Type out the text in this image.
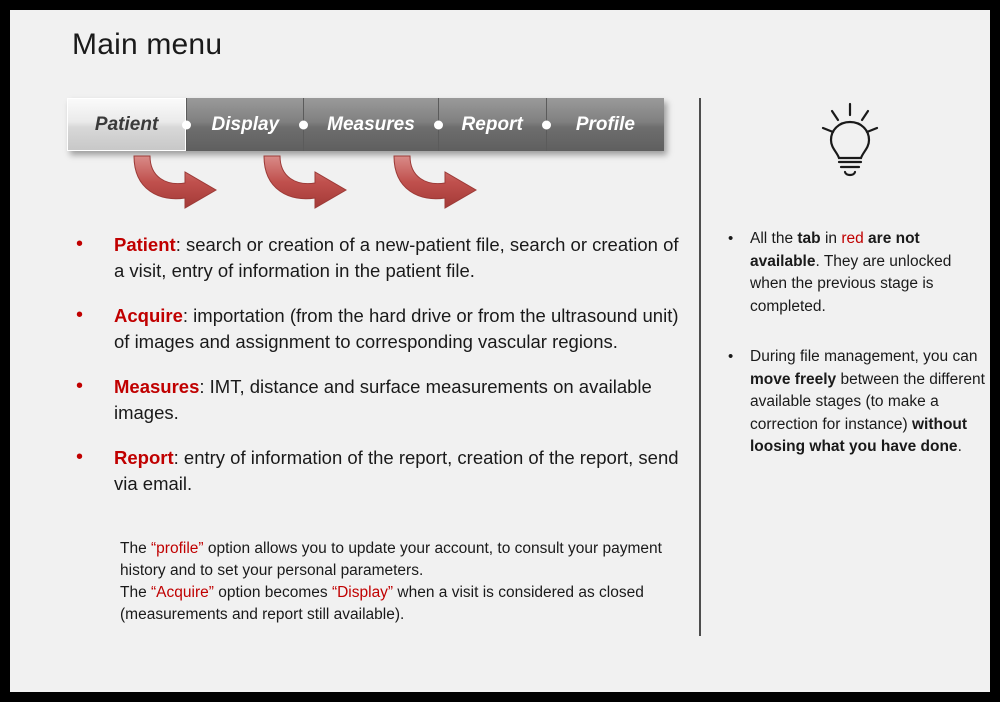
Main menu
Patient	Display	Measures Report	Profile
•	Patient: search or creation of a new-patient file, search or creation of a visit, entry of information in the patient file.
•	Acquire: importation (from the hard drive or from the ultrasound unit) of images and assignment to corresponding vascular regions.
•	Measures: IMT, distance and surface measurements on available images.
•	Report: entry of information of the report, creation of the report, send via email.
The “profile” option allows you to update your account, to consult your payment history and to set your personal parameters.
The “Acquire” option becomes “Display” when a visit is considered as closed (measurements and report still available).
•	All the tab in red are not available. They are unlocked when the previous stage is completed.
•	During file management, you can move freely between the different available stages (to make a correction for instance) without loosing what you have done.
